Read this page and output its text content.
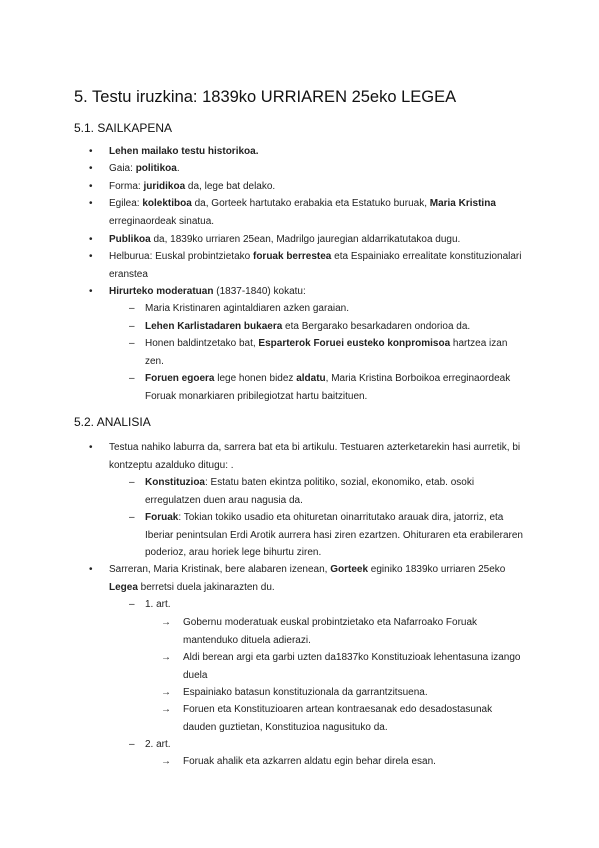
5. Testu iruzkina: 1839ko URRIAREN 25eko LEGEA
5.1. SAILKAPENA
• Lehen mailako testu historikoa.
• Gaia: politikoa.
• Forma: juridikoa da, lege bat delako.
• Egilea: kolektiboa da, Gorteek hartutako erabakia eta Estatuko buruak, Maria Kristina erreginaordeak sinatua.
• Publikoa da, 1839ko urriaren 25ean, Madrilgo jauregian aldarrikatutakoa dugu.
• Helburua: Euskal probintzietako foruak berrestea eta Espainiako errealitate konstituzionalari eranstea
• Hirurteko moderatuan (1837-1840) kokatu:
– Maria Kristinaren agintaldiaren azken garaian.
– Lehen Karlistadaren bukaera eta Bergarako besarkadaren ondorioa da.
– Honen baldintzetako bat, Esparterok Foruei eusteko konpromisoa hartzea izan zen.
– Foruen egoera lege honen bidez aldatu, Maria Kristina Borboikoa erreginaordeak Foruak monarkiaren pribilegiotzat hartu baitzituen.
5.2. ANALISIA
• Testua nahiko laburra da, sarrera bat eta bi artikulu. Testuaren azterketarekin hasi aurretik, bi kontzeptu azalduko ditugu: .
– Konstituzioa: Estatu baten ekintza politiko, sozial, ekonomiko, etab. osoki erregulatzen duen arau nagusia da.
– Foruak: Tokian tokiko usadio eta ohituretan oinarritutako arauak dira, jatorriz, eta Iberiar penintsulan Erdi Arotik aurrera hasi ziren ezartzen. Ohituraren eta erabileraren poderioz, arau horiek lege bihurtu ziren.
• Sarreran, Maria Kristinak, bere alabaren izenean, Gorteek eginiko 1839ko urriaren 25eko Legea berretsi duela jakinarazten du.
– 1. art.
→ Gobernu moderatuak euskal probintzietako eta Nafarroako Foruak mantenduko dituela adierazi.
→ Aldi berean argi eta garbi uzten da1837ko Konstituzioak lehentasuna izango duela
→ Espainiako batasun konstituzionala da garrantzitsuena.
→ Foruen eta Konstituzioaren artean kontraesanak edo desadostasunak dauden guztietan, Konstituzioa nagusituko da.
– 2. art.
→ Foruak ahalik eta azkarren aldatu egin behar direla esan.
